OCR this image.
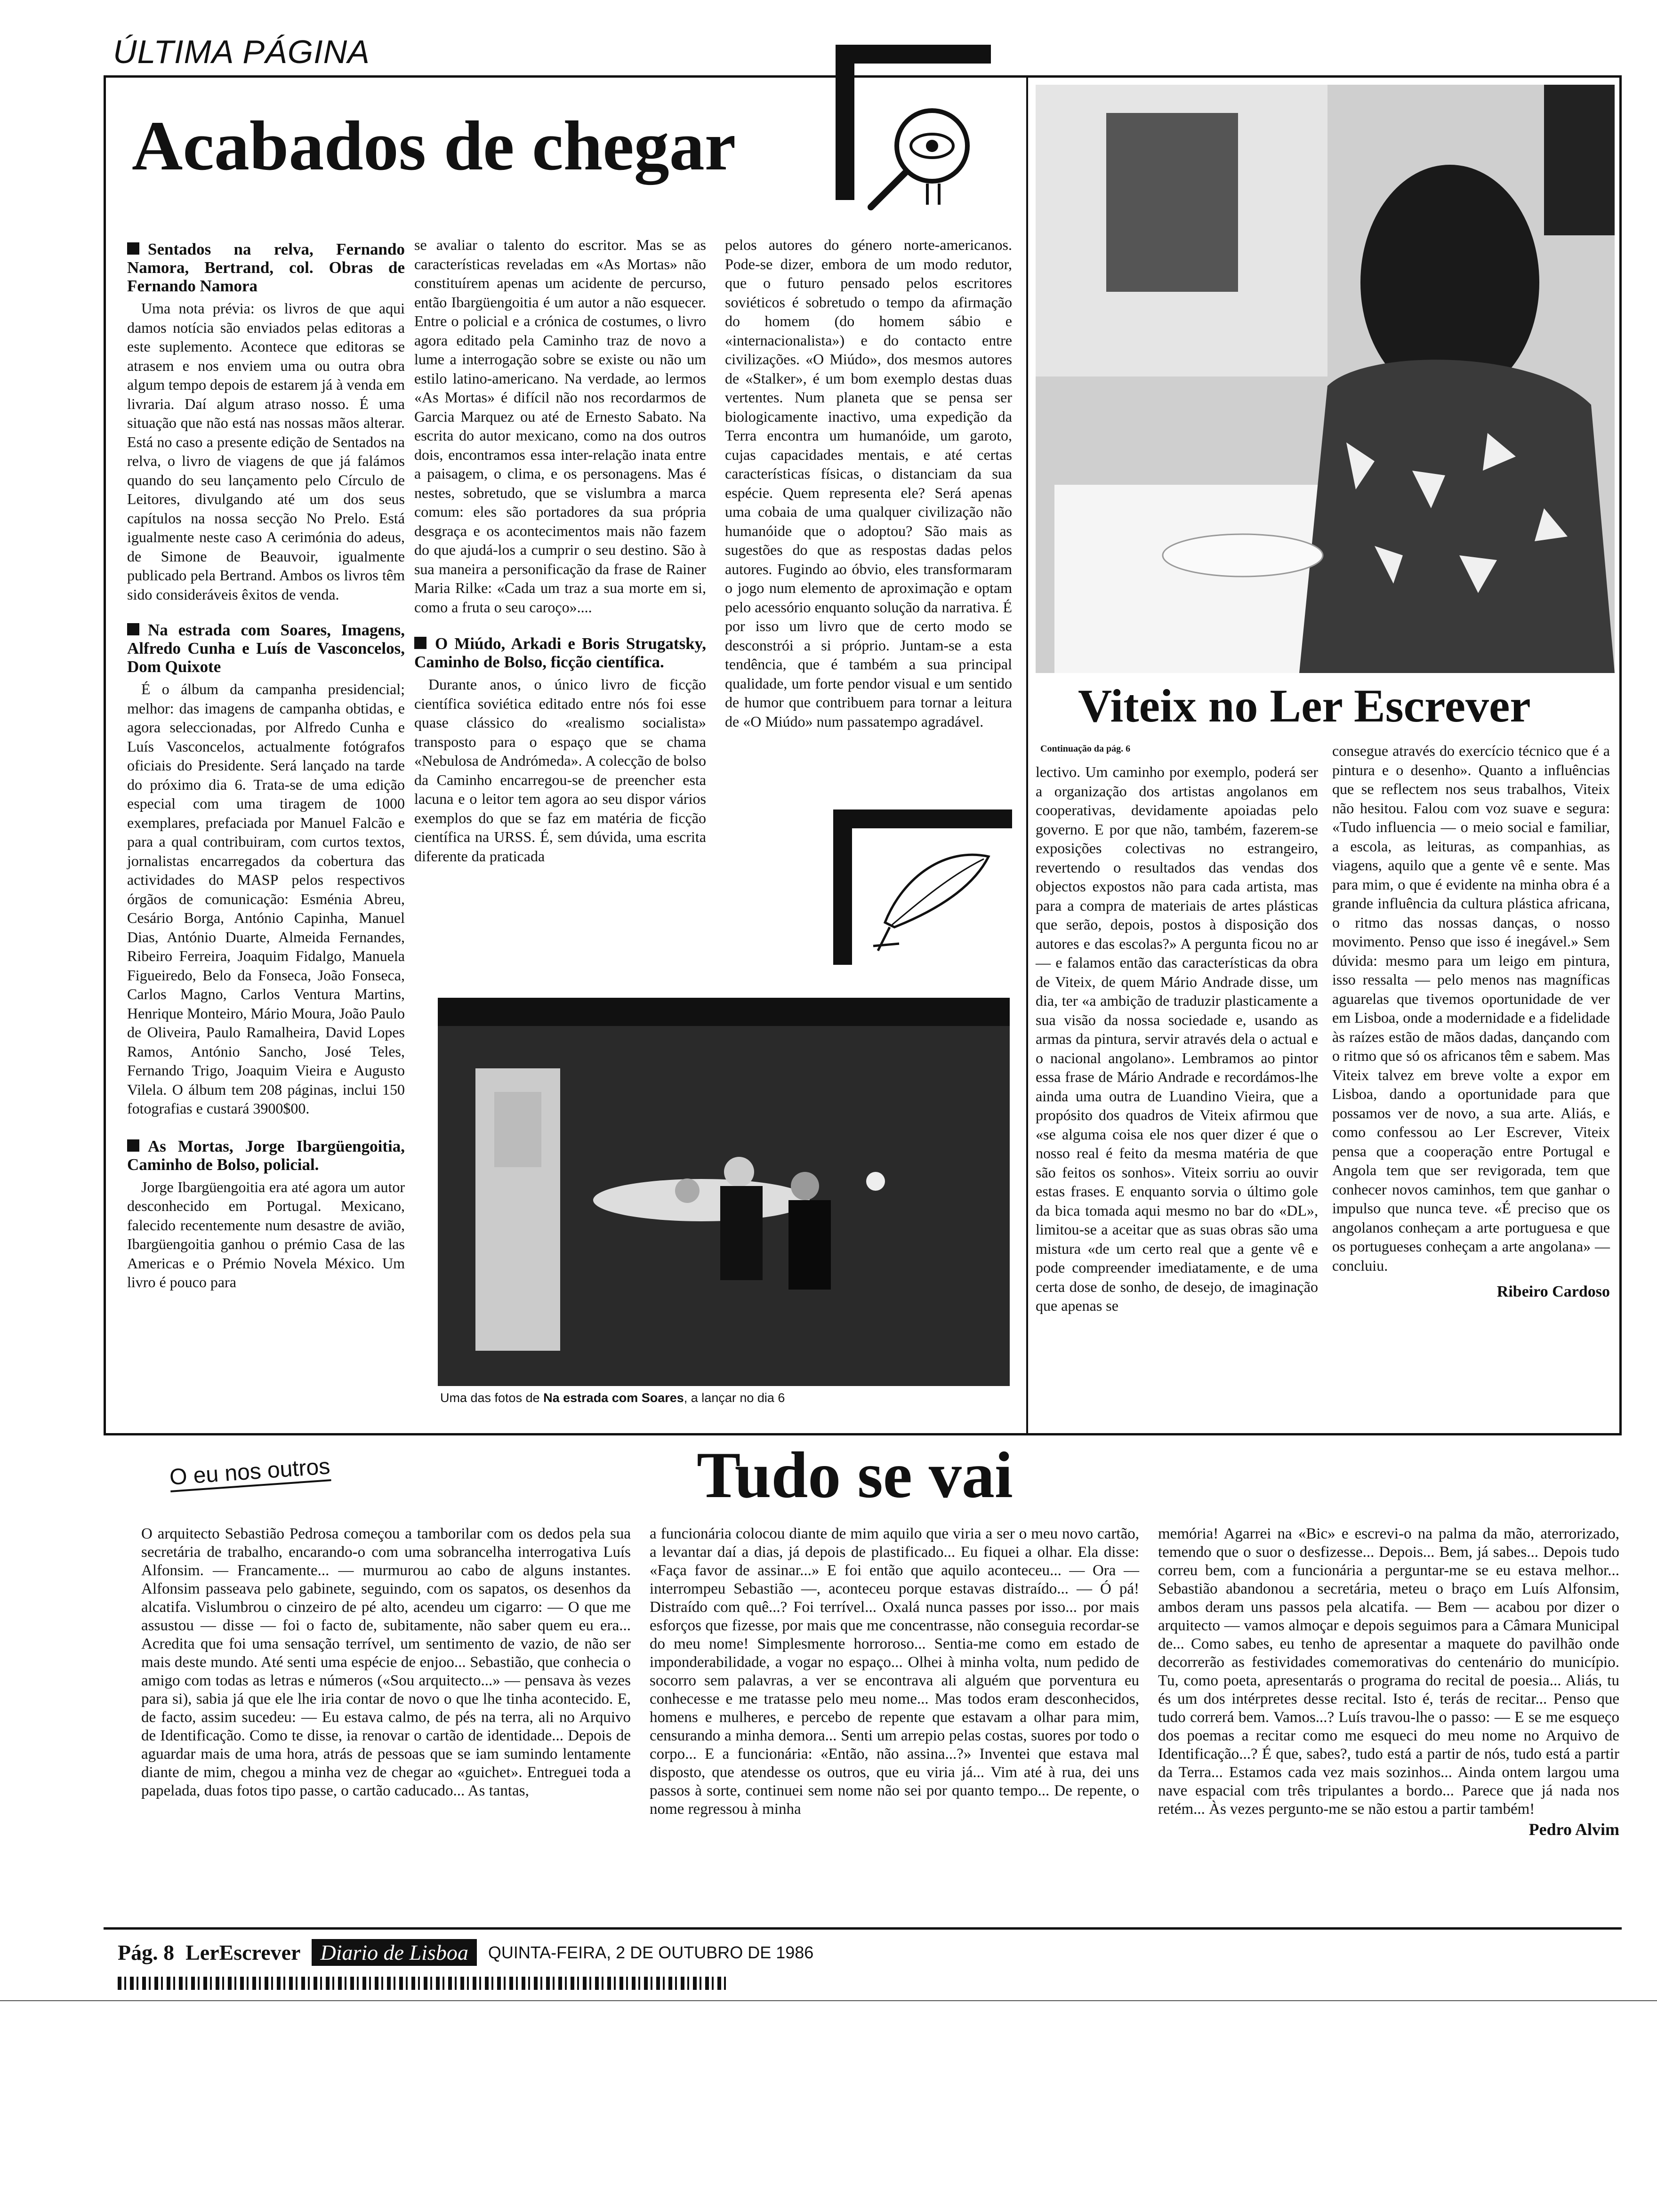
ÚLTIMA PÁGINA
Acabados de chegar

Sentados na relva, Fernando Namora, Bertrand, col. Obras de Fernando Namora

Uma nota prévia: os livros de que aqui damos notícia são enviados pelas editoras a este suplemento. Acontece que editoras se atrasem e nos enviem uma ou outra obra algum tempo depois de estarem já à venda em livraria. Daí algum atraso nosso. É uma situação que não está nas nossas mãos alterar. Está no caso a presente edição de Sentados na relva, o livro de viagens de que já falámos quando do seu lançamento pelo Círculo de Leitores, divulgando até um dos seus capítulos na nossa secção No Prelo. Está igualmente neste caso A cerimónia do adeus, de Simone de Beauvoir, igualmente publicado pela Bertrand. Ambos os livros têm sido consideráveis êxitos de venda.

Na estrada com Soares, Imagens, Alfredo Cunha e Luís de Vasconcelos, Dom Quixote

É o álbum da campanha presidencial; melhor: das imagens de campanha obtidas, e agora seleccionadas, por Alfredo Cunha e Luís Vasconcelos, actualmente fotógrafos oficiais do Presidente. Será lançado na tarde do próximo dia 6. Trata-se de uma edição especial com uma tiragem de 1000 exemplares, prefaciada por Manuel Falcão e para a qual contribuiram, com curtos textos, jornalistas encarregados da cobertura das actividades do MASP pelos respectivos órgãos de comunicação: Esménia Abreu, Cesário Borga, António Capinha, Manuel Dias, António Duarte, Almeida Fernandes, Ribeiro Ferreira, Joaquim Fidalgo, Manuela Figueiredo, Belo da Fonseca, João Fonseca, Carlos Magno, Carlos Ventura Martins, Henrique Monteiro, Mário Moura, João Paulo de Oliveira, Paulo Ramalheira, David Lopes Ramos, António Sancho, José Teles, Fernando Trigo, Joaquim Vieira e Augusto Vilela. O álbum tem 208 páginas, inclui 150 fotografias e custará 3900$00.

As Mortas, Jorge Ibargüengoitia, Caminho de Bolso, policial.

Jorge Ibargüengoitia era até agora um autor desconhecido em Portugal. Mexicano, falecido recentemente num desastre de avião, Ibargüengoitia ganhou o prémio Casa de las Americas e o Prémio Novela México. Um livro é pouco para

se avaliar o talento do escritor. Mas se as características reveladas em «As Mortas» não constituírem apenas um acidente de percurso, então Ibargüengoitia é um autor a não esquecer. Entre o policial e a crónica de costumes, o livro agora editado pela Caminho traz de novo a lume a interrogação sobre se existe ou não um estilo latino-americano. Na verdade, ao lermos «As Mortas» é difícil não nos recordarmos de Garcia Marquez ou até de Ernesto Sabato. Na escrita do autor mexicano, como na dos outros dois, encontramos essa inter-relação inata entre a paisagem, o clima, e os personagens. Mas é nestes, sobretudo, que se vislumbra a marca comum: eles são portadores da sua própria desgraça e os acontecimentos mais não fazem do que ajudá-los a cumprir o seu destino. São à sua maneira a personificação da frase de Rainer Maria Rilke: «Cada um traz a sua morte em si, como a fruta o seu caroço»....

O Miúdo, Arkadi e Boris Strugatsky, Caminho de Bolso, ficção científica.

Durante anos, o único livro de ficção científica soviética editado entre nós foi esse quase clássico do «realismo socialista» transposto para o espaço que se chama «Nebulosa de Andrómeda». A colecção de bolso da Caminho encarregou-se de preencher esta lacuna e o leitor tem agora ao seu dispor vários exemplos do que se faz em matéria de ficção científica na URSS. É, sem dúvida, uma escrita diferente da praticada

pelos autores do género norte-americanos. Pode-se dizer, embora de um modo redutor, que o futuro pensado pelos escritores soviéticos é sobretudo o tempo da afirmação do homem (do homem sábio e «internacionalista») e do contacto entre civilizações. «O Miúdo», dos mesmos autores de «Stalker», é um bom exemplo destas duas vertentes. Num planeta que se pensa ser biologicamente inactivo, uma expedição da Terra encontra um humanóide, um garoto, cujas capacidades mentais, e até certas características físicas, o distanciam da sua espécie. Quem representa ele? Será apenas uma cobaia de uma qualquer civilização não humanóide que o adoptou? São mais as sugestões do que as respostas dadas pelos autores. Fugindo ao óbvio, eles transformaram o jogo num elemento de aproximação e optam pelo acessório enquanto solução da narrativa. É por isso um livro que de certo modo se desconstrói a si próprio. Juntam-se a esta tendência, que é também a sua principal qualidade, um forte pendor visual e um sentido de humor que contribuem para tornar a leitura de «O Miúdo» num passatempo agradável.

Uma das fotos de Na estrada com Soares, a lançar no dia 6
Viteix no Ler Escrever
Continuação da pág. 6

lectivo. Um caminho por exemplo, poderá ser a organização dos artistas angolanos em cooperativas, devidamente apoiadas pelo governo. E por que não, também, fazerem-se exposições colectivas no estrangeiro, revertendo o resultados das vendas dos objectos expostos não para cada artista, mas para a compra de materiais de artes plásticas que serão, depois, postos à disposição dos autores e das escolas?» A pergunta ficou no ar — e falamos então das características da obra de Viteix, de quem Mário Andrade disse, um dia, ter «a ambição de traduzir plasticamente a sua visão da nossa sociedade e, usando as armas da pintura, servir através dela o actual e o nacional angolano». Lembramos ao pintor essa frase de Mário Andrade e recordámos-lhe ainda uma outra de Luandino Vieira, que a propósito dos quadros de Viteix afirmou que «se alguma coisa ele nos quer dizer é que o nosso real é feito da mesma matéria de que são feitos os sonhos». Viteix sorriu ao ouvir estas frases. E enquanto sorvia o último gole da bica tomada aqui mesmo no bar do «DL», limitou-se a aceitar que as suas obras são uma mistura «de um certo real que a gente vê e pode compreender imediatamente, e de uma certa dose de sonho, de desejo, de imaginação que apenas se

consegue através do exercício técnico que é a pintura e o desenho». Quanto a influências que se reflectem nos seus trabalhos, Viteix não hesitou. Falou com voz suave e segura: «Tudo influencia — o meio social e familiar, a escola, as leituras, as companhias, as viagens, aquilo que a gente vê e sente. Mas para mim, o que é evidente na minha obra é a grande influência da cultura plástica africana, o ritmo das nossas danças, o nosso movimento. Penso que isso é inegável.» Sem dúvida: mesmo para um leigo em pintura, isso ressalta — pelo menos nas magníficas aguarelas que tivemos oportunidade de ver em Lisboa, onde a modernidade e a fidelidade às raízes estão de mãos dadas, dançando com o ritmo que só os africanos têm e sabem. Mas Viteix talvez em breve volte a expor em Lisboa, dando a oportunidade para que possamos ver de novo, a sua arte. Aliás, e como confessou ao Ler Escrever, Viteix pensa que a cooperação entre Portugal e Angola tem que ser revigorada, tem que conhecer novos caminhos, tem que ganhar o impulso que nunca teve. «É preciso que os angolanos conheçam a arte portuguesa e que os portugueses conheçam a arte angolana» — concluiu.

Ribeiro Cardoso

O eu nos outros	Tudo se vai

O arquitecto Sebastião Pedrosa começou a tamborilar com os dedos pela sua secretária de trabalho, encarando-o com uma sobrancelha interrogativa Luís Alfonsim. — Francamente... — murmurou ao cabo de alguns instantes. Alfonsim passeava pelo gabinete, seguindo, com os sapatos, os desenhos da alcatifa. Vislumbrou o cinzeiro de pé alto, acendeu um cigarro: — O que me assustou — disse — foi o facto de, subitamente, não saber quem eu era... Acredita que foi uma sensação terrível, um sentimento de vazio, de não ser mais deste mundo. Até senti uma espécie de enjoo... Sebastião, que conhecia o amigo com todas as letras e números («Sou arquitecto...» — pensava às vezes para si), sabia já que ele lhe iria contar de novo o que lhe tinha acontecido. E, de facto, assim sucedeu: — Eu estava calmo, de pés na terra, ali no Arquivo de Identificação. Como te disse, ia renovar o cartão de identidade... Depois de aguardar mais de uma hora, atrás de pessoas que se iam sumindo lentamente diante de mim, chegou a minha vez de chegar ao «guichet». Entreguei toda a papelada, duas fotos tipo passe, o cartão caducado... As tantas,

a funcionária colocou diante de mim aquilo que viria a ser o meu novo cartão, a levantar daí a dias, já depois de plastificado... Eu fiquei a olhar. Ela disse: «Faça favor de assinar...» E foi então que aquilo aconteceu... — Ora — interrompeu Sebastião —, aconteceu porque estavas distraído... — Ó pá! Distraído com quê...? Foi terrível... Oxalá nunca passes por isso... por mais esforços que fizesse, por mais que me concentrasse, não conseguia recordar-se do meu nome! Simplesmente horroroso... Sentia-me como em estado de imponderabilidade, a vogar no espaço... Olhei à minha volta, num pedido de socorro sem palavras, a ver se encontrava ali alguém que porventura eu conhecesse e me tratasse pelo meu nome... Mas todos eram desconhecidos, homens e mulheres, e percebo de repente que estavam a olhar para mim, censurando a minha demora... Senti um arrepio pelas costas, suores por todo o corpo... E a funcionária: «Então, não assina...?» Inventei que estava mal disposto, que atendesse os outros, que eu viria já... Vim até à rua, dei uns passos à sorte, continuei sem nome não sei por quanto tempo... De repente, o nome regressou à minha

memória! Agarrei na «Bic» e escrevi-o na palma da mão, aterrorizado, temendo que o suor o desfizesse... Depois... Bem, já sabes... Depois tudo correu bem, com a funcionária a perguntar-me se eu estava melhor... Sebastião abandonou a secretária, meteu o braço em Luís Alfonsim, ambos deram uns passos pela alcatifa. — Bem — acabou por dizer o arquitecto — vamos almoçar e depois seguimos para a Câmara Municipal de... Como sabes, eu tenho de apresentar a maquete do pavilhão onde decorrerão as festividades comemorativas do centenário do município. Tu, como poeta, apresentarás o programa do recital de poesia... Aliás, tu és um dos intérpretes desse recital. Isto é, terás de recitar... Penso que tudo correrá bem. Vamos...? Luís travou-lhe o passo: — E se me esqueço dos poemas a recitar como me esqueci do meu nome no Arquivo de Identificação...? É que, sabes?, tudo está a partir de nós, tudo está a partir da Terra... Estamos cada vez mais sozinhos... Ainda ontem largou uma nave espacial com três tripulantes a bordo... Parece que já nada nos retém... Às vezes pergunto-me se não estou a partir também!

Pedro Alvim

Pág. 8 LerEscrever Diario de Lisboa	QUINTA-FEIRA, 2 DE OUTUBRO DE 1986
